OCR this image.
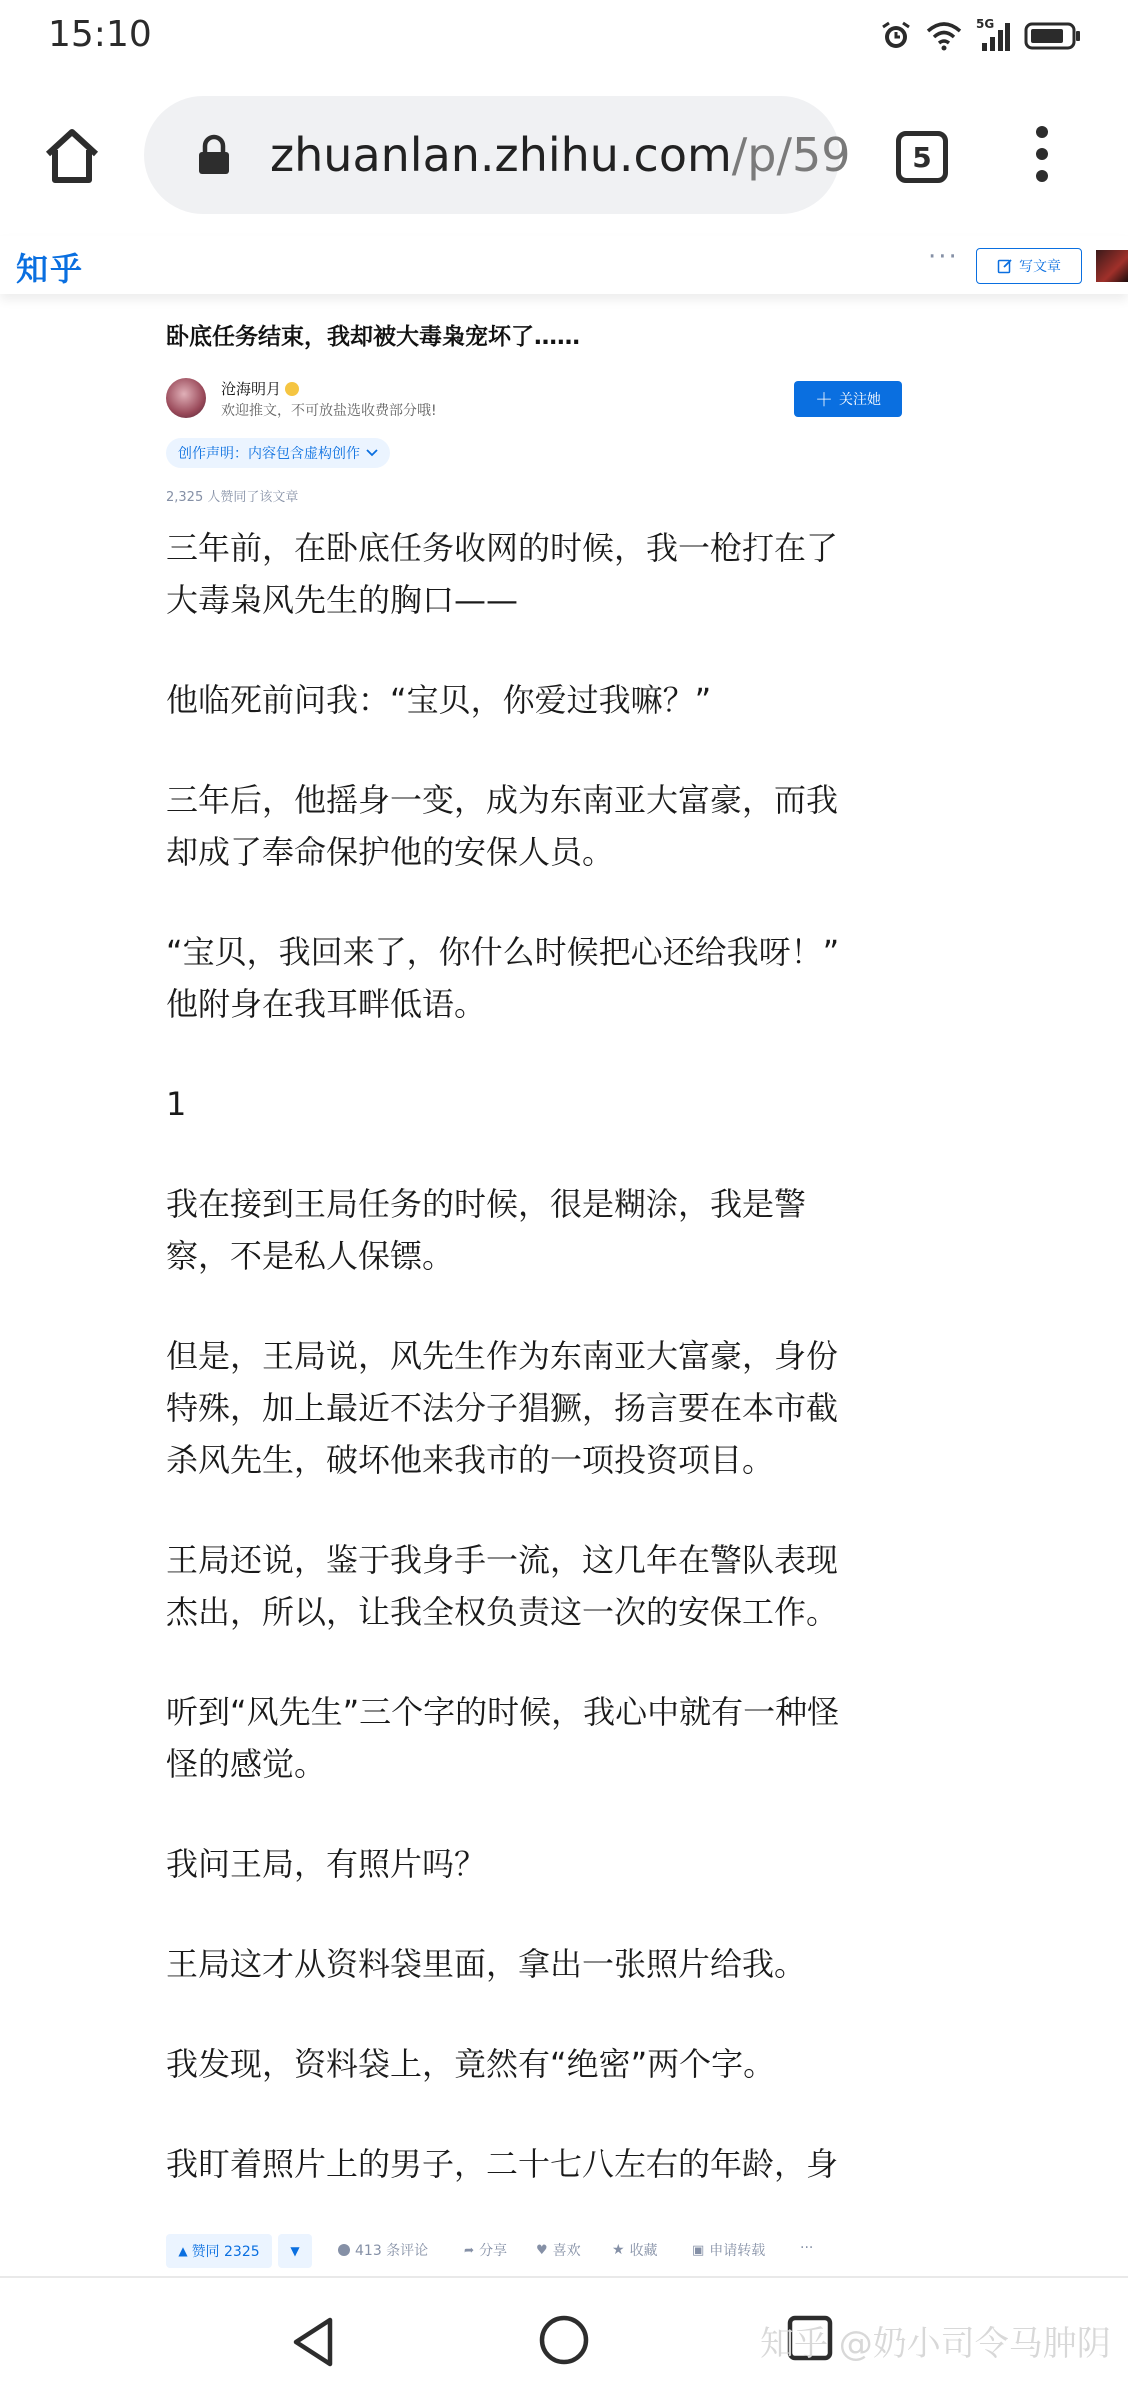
15:10	5G
zhuanlan.zhihu.com/p/59	5
知乎	···	写文章
卧底任务结束，我却被大毒枭宠坏了……
沧海明月
欢迎推文，不可放盐选收费部分哦!	＋ 关注她
创作声明：内容包含虚构创作
2,325 人赞同了该文章

三年前，在卧底任务收网的时候，我一枪打在了
大毒枭风先生的胸口——

他临死前问我：“宝贝，你爱过我嘛？”

三年后，他摇身一变，成为东南亚大富豪，而我
却成了奉命保护他的安保人员。

“宝贝，我回来了，你什么时候把心还给我呀！”
他附身在我耳畔低语。

1

我在接到王局任务的时候，很是糊涂，我是警
察，不是私人保镖。

但是，王局说，风先生作为东南亚大富豪，身份
特殊，加上最近不法分子猖獗，扬言要在本市截
杀风先生，破坏他来我市的一项投资项目。

王局还说，鉴于我身手一流，这几年在警队表现
杰出，所以，让我全权负责这一次的安保工作。

听到“风先生”三个字的时候，我心中就有一种怪
怪的感觉。

我问王局，有照片吗？

王局这才从资料袋里面，拿出一张照片给我。

我发现，资料袋上，竟然有“绝密”两个字。

我盯着照片上的男子，二十七八左右的年龄，身

▲ 赞同 2325	▼	413 条评论	➦ 分享 ♥ 喜欢 ★ 收藏	▣ 申请转载 ···
知乎 @奶小司令马肿阴
